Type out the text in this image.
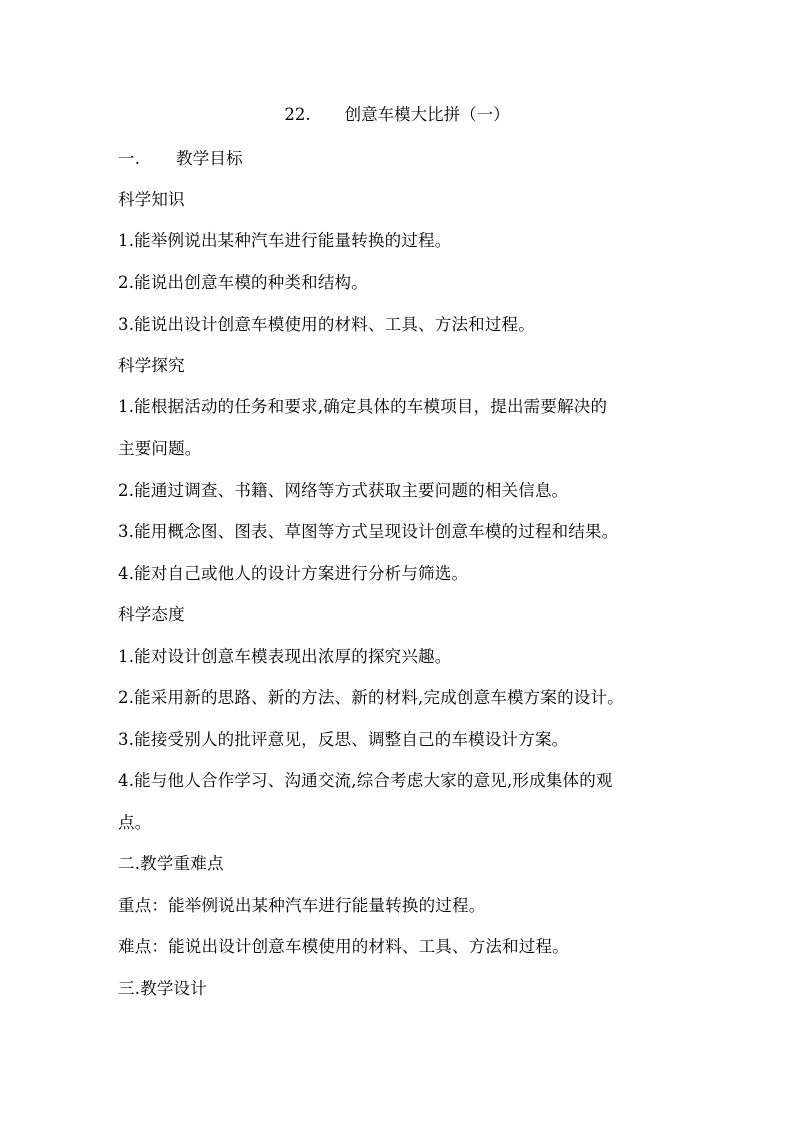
22. 创意车模大比拼（一）
一. 教学目标
科学知识
1.能举例说出某种汽车进行能量转换的过程。
2.能说出创意车模的种类和结构。
3.能说出设计创意车模使用的材料、工具、方法和过程。
科学探究
1.能根据活动的任务和要求,确定具体的车模项目，提出需要解决的
主要问题。
2.能通过调查、书籍、网络等方式获取主要问题的相关信息。
3.能用概念图、图表、草图等方式呈现设计创意车模的过程和结果。
4.能对自己或他人的设计方案进行分析与筛选。
科学态度
1.能对设计创意车模表现出浓厚的探究兴趣。
2.能采用新的思路、新的方法、新的材料,完成创意车模方案的设计。
3.能接受别人的批评意见，反思、调整自己的车模设计方案。
4.能与他人合作学习、沟通交流,综合考虑大家的意见,形成集体的观
点。
二.教学重难点
重点：能举例说出某种汽车进行能量转换的过程。
难点：能说出设计创意车模使用的材料、工具、方法和过程。
三.教学设计
